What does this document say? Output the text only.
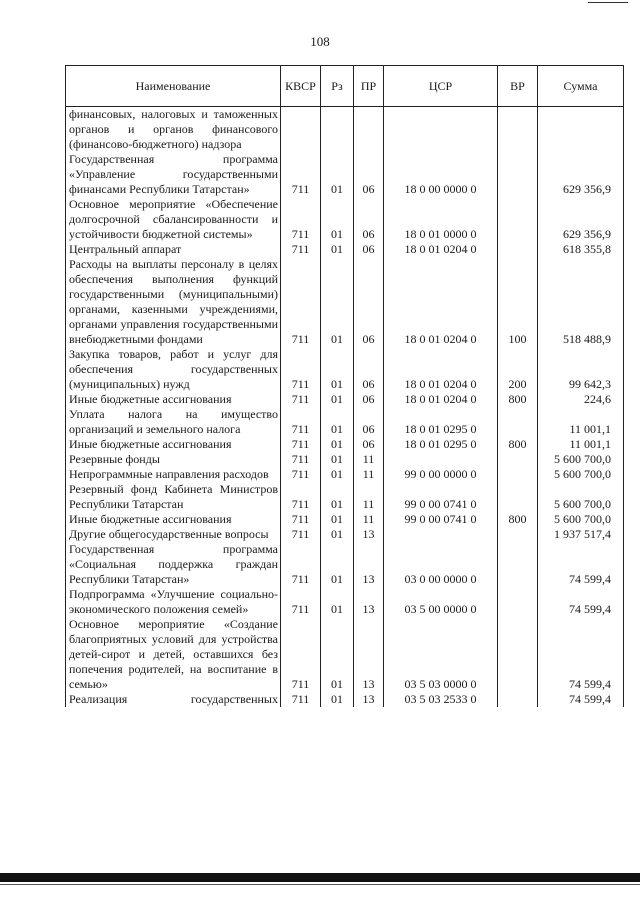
108
Наименование	КВСР	Рз	ПР	ЦСР	ВР	Сумма
финансовых, налоговых и таможенных органов и органов финансового (финансово-бюджетного) надзора						
Государственная программа «Управление государственными финансами Республики Татарстан»	711	01	06	18 0 00 0000 0		629 356,9
Основное мероприятие «Обеспечение долгосрочной сбалансированности и устойчивости бюджетной системы»	711	01	06	18 0 01 0000 0		629 356,9
Центральный аппарат	711	01	06	18 0 01 0204 0		618 355,8
Расходы на выплаты персоналу в целях обеспечения выполнения функций государственными (муниципальными) органами, казенными учреждениями, органами управления государственными внебюджетными фондами	711	01	06	18 0 01 0204 0	100	518 488,9
Закупка товаров, работ и услуг для обеспечения государственных (муниципальных) нужд	711	01	06	18 0 01 0204 0	200	99 642,3
Иные бюджетные ассигнования	711	01	06	18 0 01 0204 0	800	224,6
Уплата налога на имущество организаций и земельного налога	711	01	06	18 0 01 0295 0		11 001,1
Иные бюджетные ассигнования	711	01	06	18 0 01 0295 0	800	11 001,1
Резервные фонды	711	01	11			5 600 700,0
Непрограммные направления расходов	711	01	11	99 0 00 0000 0		5 600 700,0
Резервный фонд Кабинета Министров Республики Татарстан	711	01	11	99 0 00 0741 0		5 600 700,0
Иные бюджетные ассигнования	711	01	11	99 0 00 0741 0	800	5 600 700,0
Другие общегосударственные вопросы	711	01	13			1 937 517,4
Государственная программа «Социальная поддержка граждан Республики Татарстан»	711	01	13	03 0 00 0000 0		74 599,4
Подпрограмма «Улучшение социально-экономического положения семей»	711	01	13	03 5 00 0000 0		74 599,4
Основное мероприятие «Создание благоприятных условий для устройства детей-сирот и детей, оставшихся без попечения родителей, на воспитание в семью»	711	01	13	03 5 03 0000 0		74 599,4
Реализация государственных	711	01	13	03 5 03 2533 0		74 599,4
